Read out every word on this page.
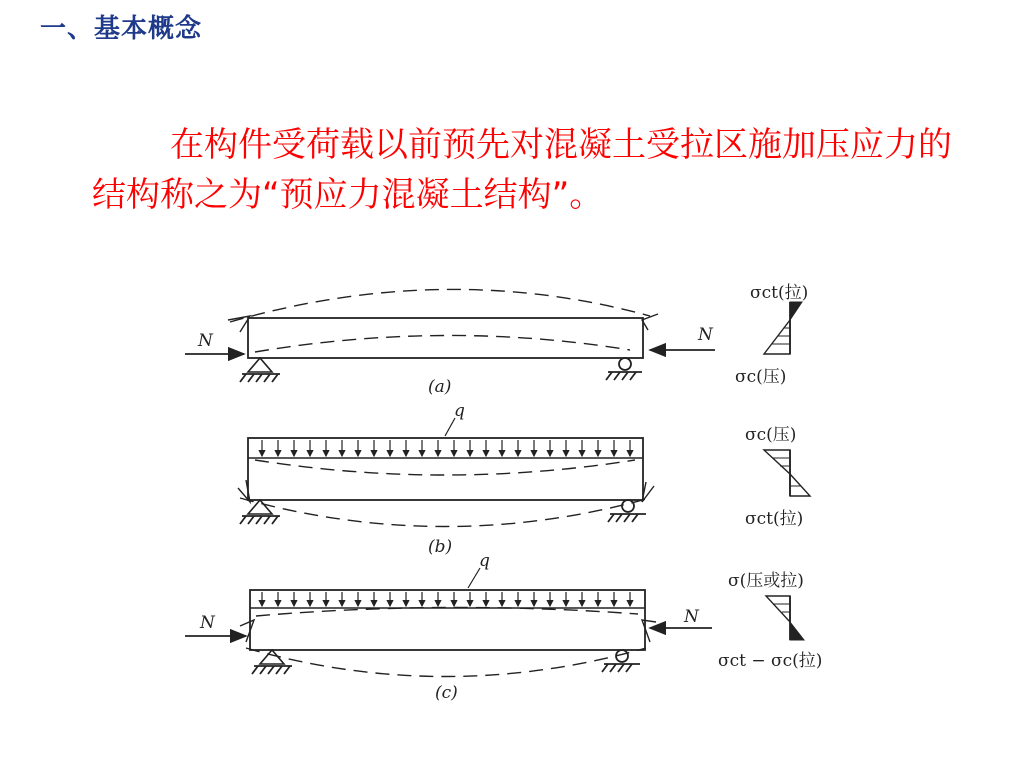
一、基本概念
在构件受荷载以前预先对混凝土受拉区施加压应力的结构称之为“预应力混凝土结构”。
N	N
σct(拉)
σc(压)
(a)
q
σc(压)
σct(拉)
(b)
q
N	N
σ(压或拉)
σct − σc(拉)
(c)
